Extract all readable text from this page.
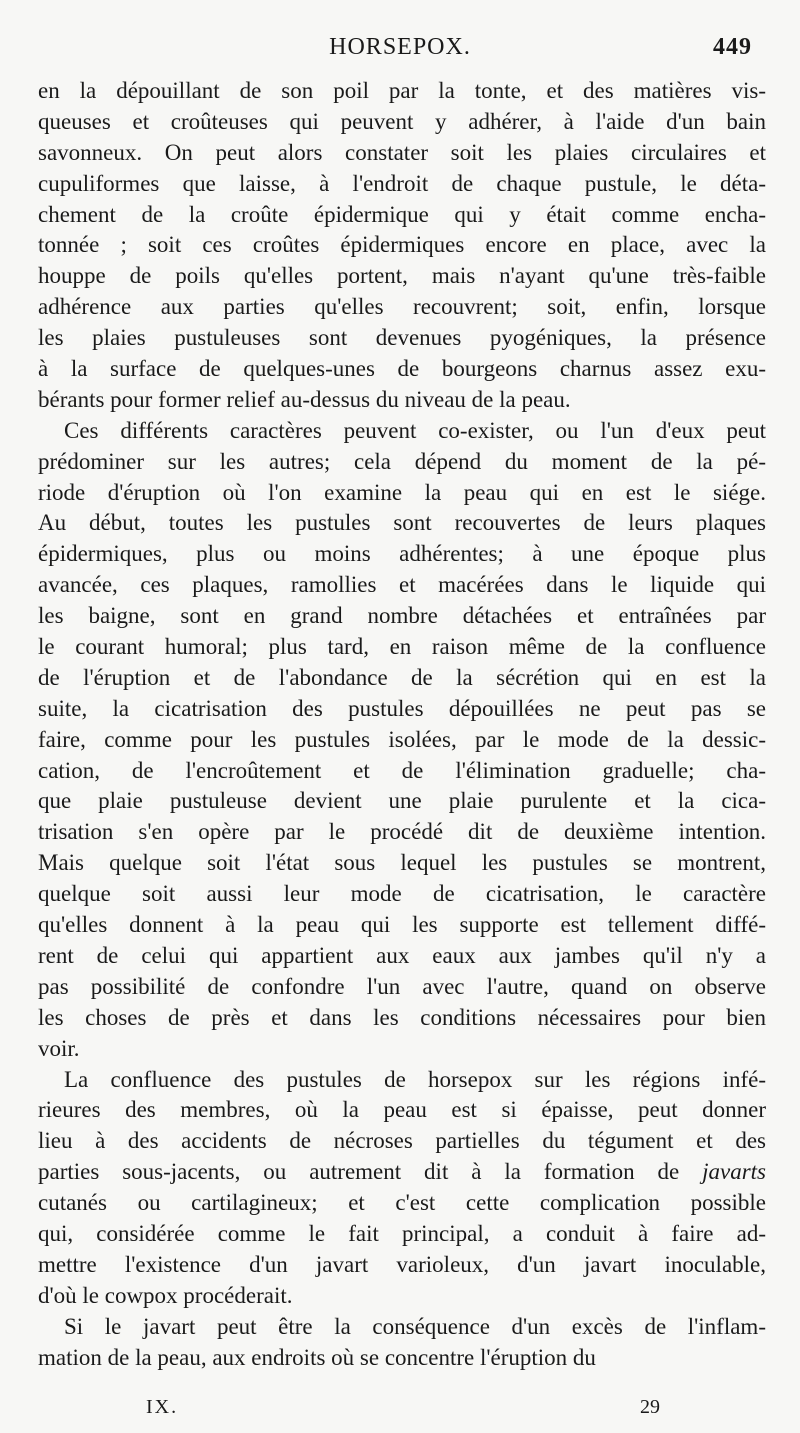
HORSEPOX.	449
en la dépouillant de son poil par la tonte, et des matières vis-
queuses et croûteuses qui peuvent y adhérer, à l'aide d'un bain
savonneux. On peut alors constater soit les plaies circulaires et
cupuliformes que laisse, à l'endroit de chaque pustule, le déta-
chement de la croûte épidermique qui y était comme encha-
tonnée ; soit ces croûtes épidermiques encore en place, avec la
houppe de poils qu'elles portent, mais n'ayant qu'une très-faible
adhérence aux parties qu'elles recouvrent; soit, enfin, lorsque
les plaies pustuleuses sont devenues pyogéniques, la présence
à la surface de quelques-unes de bourgeons charnus assez exu-
bérants pour former relief au-dessus du niveau de la peau.
Ces différents caractères peuvent co-exister, ou l'un d'eux peut
prédominer sur les autres; cela dépend du moment de la pé-
riode d'éruption où l'on examine la peau qui en est le siége.
Au début, toutes les pustules sont recouvertes de leurs plaques
épidermiques, plus ou moins adhérentes; à une époque plus
avancée, ces plaques, ramollies et macérées dans le liquide qui
les baigne, sont en grand nombre détachées et entraînées par
le courant humoral; plus tard, en raison même de la confluence
de l'éruption et de l'abondance de la sécrétion qui en est la
suite, la cicatrisation des pustules dépouillées ne peut pas se
faire, comme pour les pustules isolées, par le mode de la dessic-
cation, de l'encroûtement et de l'élimination graduelle; cha-
que plaie pustuleuse devient une plaie purulente et la cica-
trisation s'en opère par le procédé dit de deuxième intention.
Mais quelque soit l'état sous lequel les pustules se montrent,
quelque soit aussi leur mode de cicatrisation, le caractère
qu'elles donnent à la peau qui les supporte est tellement diffé-
rent de celui qui appartient aux eaux aux jambes qu'il n'y a
pas possibilité de confondre l'un avec l'autre, quand on observe
les choses de près et dans les conditions nécessaires pour bien
voir.
La confluence des pustules de horsepox sur les régions infé-
rieures des membres, où la peau est si épaisse, peut donner
lieu à des accidents de nécroses partielles du tégument et des
parties sous-jacents, ou autrement dit à la formation de javarts
cutanés ou cartilagineux; et c'est cette complication possible
qui, considérée comme le fait principal, a conduit à faire ad-
mettre l'existence d'un javart varioleux, d'un javart inoculable,
d'où le cowpox procéderait.
Si le javart peut être la conséquence d'un excès de l'inflam-
mation de la peau, aux endroits où se concentre l'éruption du
IX.	29
